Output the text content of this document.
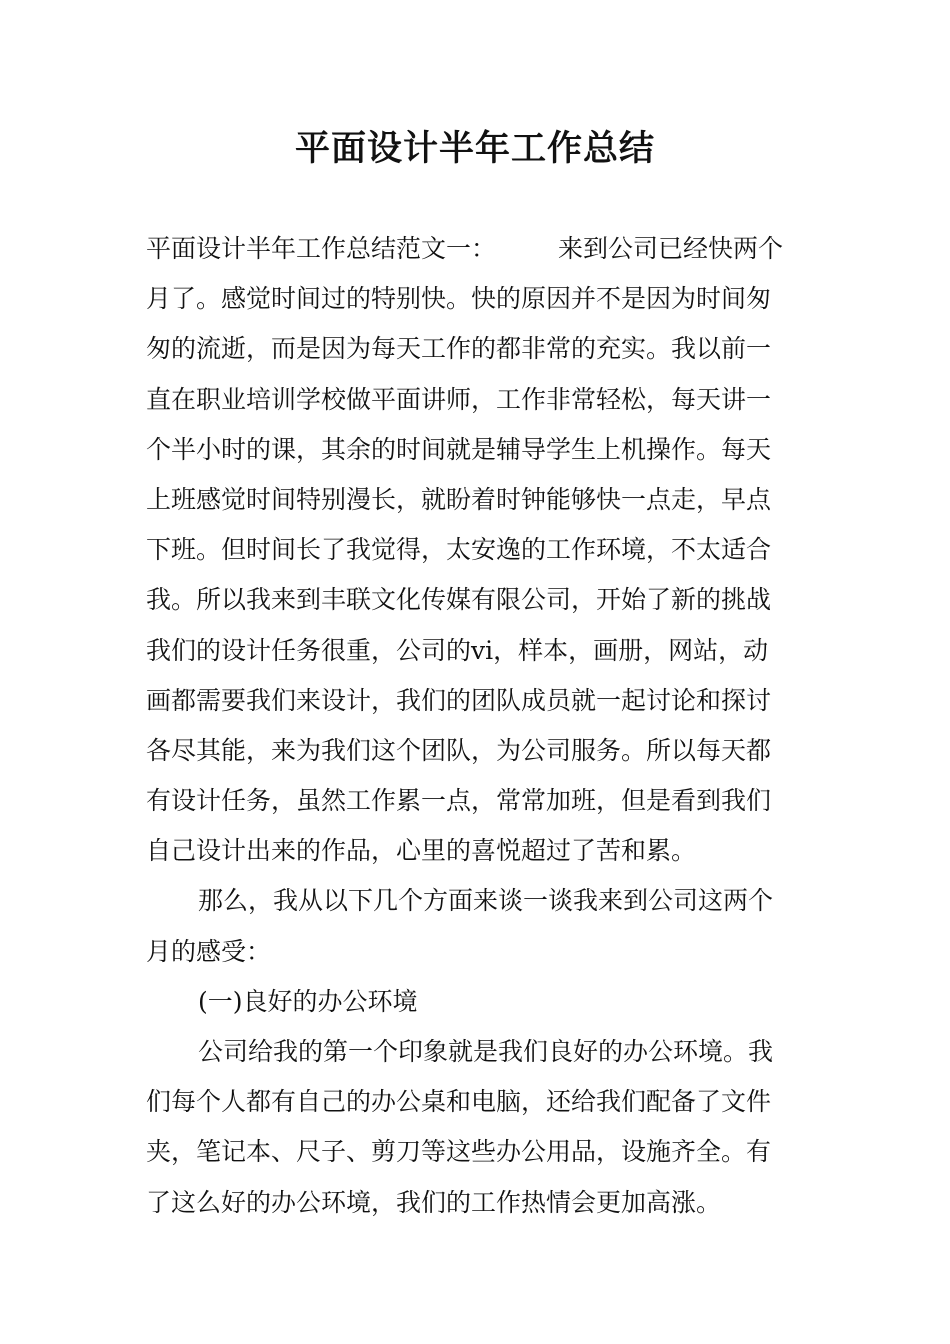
平面设计半年工作总结
平面设计半年工作总结范文一： 来到公司已经快两个
月了。感觉时间过的特别快。快的原因并不是因为时间匆
匆的流逝，而是因为每天工作的都非常的充实。我以前一
直在职业培训学校做平面讲师，工作非常轻松，每天讲一
个半小时的课，其余的时间就是辅导学生上机操作。每天
上班感觉时间特别漫长，就盼着时钟能够快一点走，早点
下班。但时间长了我觉得，太安逸的工作环境，不太适合
我。所以我来到丰联文化传媒有限公司，开始了新的挑战
我们的设计任务很重，公司的vi，样本，画册，网站，动
画都需要我们来设计，我们的团队成员就一起讨论和探讨
各尽其能，来为我们这个团队，为公司服务。所以每天都
有设计任务，虽然工作累一点，常常加班，但是看到我们
自己设计出来的作品，心里的喜悦超过了苦和累。
那么，我从以下几个方面来谈一谈我来到公司这两个
月的感受：
(一)良好的办公环境
公司给我的第一个印象就是我们良好的办公环境。我
们每个人都有自己的办公桌和电脑，还给我们配备了文件
夹，笔记本、尺子、剪刀等这些办公用品，设施齐全。有
了这么好的办公环境，我们的工作热情会更加高涨。
